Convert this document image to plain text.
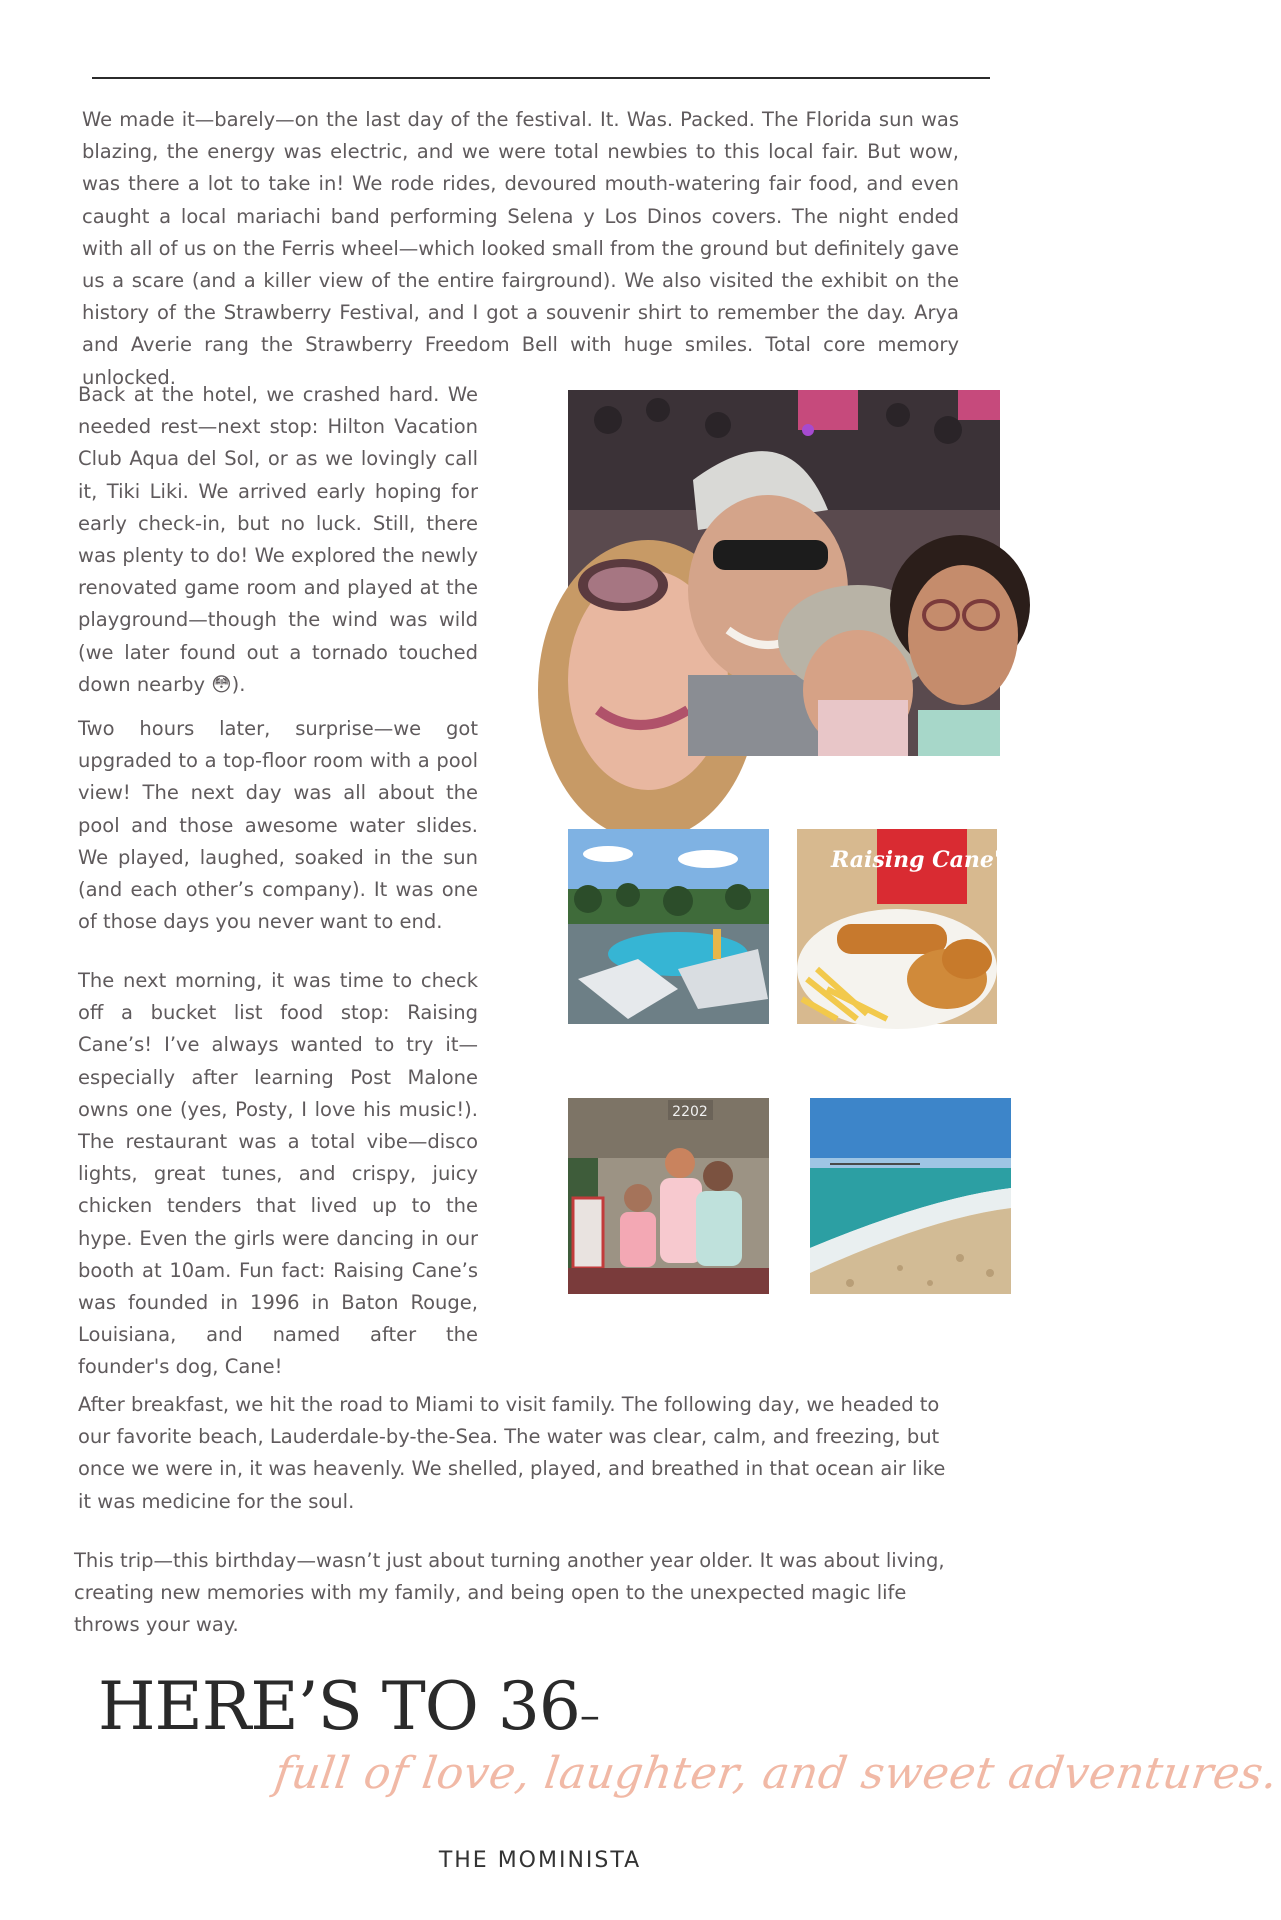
We made it—barely—on the last day of the festival. It. Was. Packed. The Florida sun was blazing, the energy was electric, and we were total newbies to this local fair. But wow, was there a lot to take in! We rode rides, devoured mouth-watering fair food, and even caught a local mariachi band performing Selena y Los Dinos covers. The night ended with all of us on the Ferris wheel—which looked small from the ground but definitely gave us a scare (and a killer view of the entire fairground). We also visited the exhibit on the history of the Strawberry Festival, and I got a souvenir shirt to remember the day. Arya and Averie rang the Strawberry Freedom Bell with huge smiles. Total core memory unlocked.

Back at the hotel, we crashed hard. We needed rest—next stop: Hilton Vacation Club Aqua del Sol, or as we lovingly call it, Tiki Liki. We arrived early hoping for early check-in, but no luck. Still, there was plenty to do! We explored the newly renovated game room and played at the playground—though the wind was wild (we later found out a tornado touched down nearby 😳).

Two hours later, surprise—we got upgraded to a top-floor room with a pool view! The next day was all about the pool and those awesome water slides. We played, laughed, soaked in the sun (and each other’s company). It was one of those days you never want to end.

The next morning, it was time to check off a bucket list food stop: Raising Cane’s! I’ve always wanted to try it—especially after learning Post Malone owns one (yes, Posty, I love his music!). The restaurant was a total vibe—disco lights, great tunes, and crispy, juicy chicken tenders that lived up to the hype. Even the girls were dancing in our booth at 10am. Fun fact: Raising Cane’s was founded in 1996 in Baton Rouge, Louisiana, and named after the founder's dog, Cane!

After breakfast, we hit the road to Miami to visit family. The following day, we headed to our favorite beach, Lauderdale-by-the-Sea. The water was clear, calm, and freezing, but once we were in, it was heavenly. We shelled, played, and breathed in that ocean air like it was medicine for the soul.

This trip—this birthday—wasn’t just about turning another year older. It was about living, creating new memories with my family, and being open to the unexpected magic life throws your way.

Raising Cane's
2202
HERE’S TO 36–
full of love, laughter, and sweet adventures.
THE MOMINISTA
